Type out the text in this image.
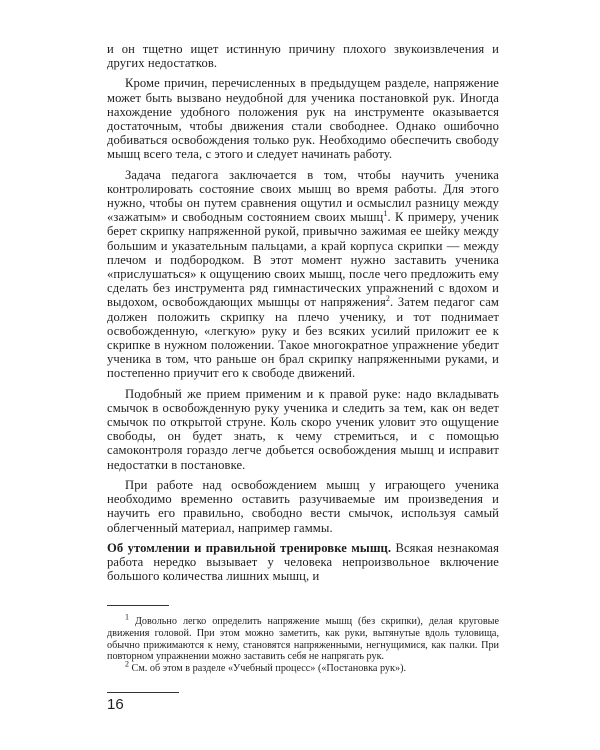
и он тщетно ищет истинную причину плохого звукоизвлечения и других недостатков.

Кроме причин, перечисленных в предыдущем разделе, напряжение может быть вызвано неудобной для ученика постановкой рук. Иногда нахождение удобного положения рук на инструменте оказывается достаточным, чтобы движения стали свободнее. Однако ошибочно добиваться освобождения только рук. Необходимо обеспечить свободу мышц всего тела, с этого и следует начинать работу.

Задача педагога заключается в том, чтобы научить ученика контролировать состояние своих мышц во время работы. Для этого нужно, чтобы он путем сравнения ощутил и осмыслил разницу между «зажатым» и свободным состоянием своих мышц$^1$. К примеру, ученик берет скрипку напряженной рукой, привычно зажимая ее шейку между большим и указательным пальцами, а край корпуса скрипки — между плечом и подбородком. В этот момент нужно заставить ученика «прислушаться» к ощущению своих мышц, после чего предложить ему сделать без инструмента ряд гимнастических упражнений с вдохом и выдохом, освобождающих мышцы от напряжения$^2$. Затем педагог сам должен положить скрипку на плечо ученику, и тот поднимает освобожденную, «легкую» руку и без всяких усилий приложит ее к скрипке в нужном положении. Такое многократное упражнение убедит ученика в том, что раньше он брал скрипку напряженными руками, и постепенно приучит его к свободе движений.

Подобный же прием применим и к правой руке: надо вкладывать смычок в освобожденную руку ученика и следить за тем, как он ведет смычок по открытой струне. Коль скоро ученик уловит это ощущение свободы, он будет знать, к чему стремиться, и с помощью самоконтроля гораздо легче добьется освобождения мышц и исправит недостатки в постановке.

При работе над освобождением мышц у играющего ученика необходимо временно оставить разучиваемые им произведения и научить его правильно, свободно вести смычок, используя самый облегченный материал, например гаммы.

Об утомлении и правильной тренировке мышц. Всякая незнакомая работа нередко вызывает у человека непроизвольное включение большого количества лишних мышц, и

$^1$ Довольно легко определить напряжение мышц (без скрипки), делая круговые движения головой. При этом можно заметить, как руки, вытянутые вдоль туловища, обычно прижимаются к нему, становятся напряженными, негнущимися, как палки. При повторном упражнении можно заставить себя не напрягать рук.

$^2$ См. об этом в разделе «Учебный процесс» («Постановка рук»).

16
